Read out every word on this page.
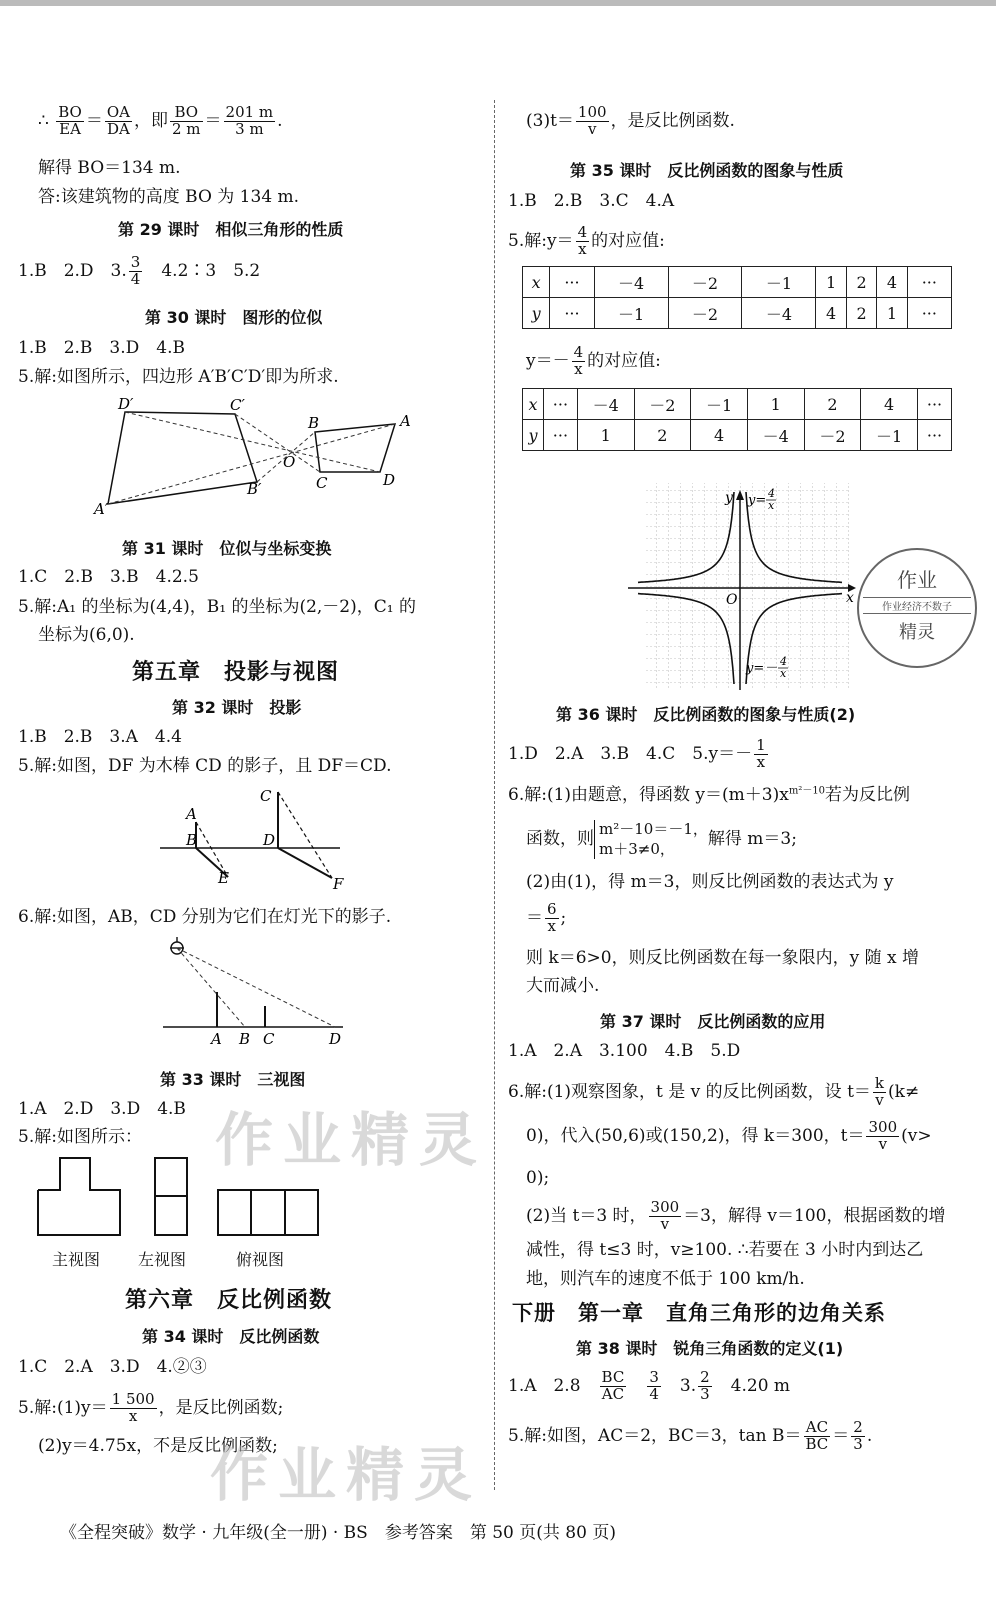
∴ $\frac{BO}{EA} = \frac{OA}{DA}$ ，即 $\frac{BO}{2 m} = \frac{201 m}{3 m}$ .
解得 BO＝134 m.
答:该建筑物的高度 BO 为 134 m.
第 29 课时　相似三角形的性质
1.B　2.D　3. $\frac{3}{4}$ 　4.2∶3　5.2
第 30 课时　图形的位似
1.B　2.B　3.D　4.B
5.解:如图所示，四边形 A′B′C′D′即为所求.
D′	C′
A′
B′
O
B	A
C	D
第 31 课时　位似与坐标变换
1.C　2.B　3.B　4.2.5
5.解:A₁ 的坐标为(4,4)，B₁ 的坐标为(2,－2)，C₁ 的
坐标为(6,0).
第五章　投影与视图
第 32 课时　投影
1.B　2.B　3.A　4.4
5.解:如图，DF 为木棒 CD 的影子，且 DF＝CD.
A
B
E
C
D
F
6.解:如图，AB，CD 分别为它们在灯光下的影子.
A B C	D
第 33 课时　三视图
1.A　2.D　3.D　4.B
5.解:如图所示：
主视图 左视图	俯视图
第六章　反比例函数
第 34 课时　反比例函数
1.C　2.A　3.D　4.②③
5.解:(1)y＝ $\frac{1 500}{x}$ ，是反比例函数;
(2)y＝4.75x，不是反比例函数;
作业精灵
作业精灵
$(3)t= \frac{100}{v}$ ，是反比例函数.
第 35 课时　反比例函数的图象与性质
1.B　2.B　3.C　4.A
5.解:y＝ $\frac{4}{x}$ 的对应值:
x	···	－4	－2	－1	1	2	4	···
y	···	－1	－2	－4	4	2	1	···
$y=- \frac{4}{x}$ 的对应值:
x	···	－4	－2	－1	1	2	4	···
y	···	1	2	4	－4	－2	－1	···
y
x
O
y= 4
x
y=－ 4
x
作业
作业经济不数子
精灵
第 36 课时　反比例函数的图象与性质(2)
1.D　2.A　3.B　4.C　$5.y=- \frac{1}{x}$
6.解:(1)由题意，得函数 $y=(m+3)x^{m^2-10}$若为反比例
函数，则 m²－10＝－1，
m＋3≠0，	解得 m＝3;
(2)由(1)，得 m＝3，则反比例函数的表达式为 y
＝ $\frac{6}{x}$ ;
则 k＝6>0，则反比例函数在每一象限内，y 随 x 增
大而减小.
第 37 课时　反比例函数的应用
1.A　2.A　3.100　4.B　5.D
6.解:(1)观察图象，t 是 v 的反比例函数，设 $t= \frac{k}{v} (k\ne$
0)，代入(50,6)或(150,2)，得 k＝300，$t= \frac{300}{v} (v>$
0);
(2)当 t＝3 时， $\frac{300}{v} =3$，解得 v＝100，根据函数的增
减性，得 t≤3 时，v≥100. ∴若要在 3 小时内到达乙
地，则汽车的速度不低于 100 km/h.
下册　第一章　直角三角形的边角关系
第 38 课时　锐角三角函数的定义(1)
1.A　2.8　 $\frac{BC}{AC}$
　 $\frac{3}{4}$ 　3. $\frac{2}{3}$ 　4.20 m
5.解:如图，AC＝2，BC＝3，$\tan B= \frac{AC}{BC} = \frac{2}{3}$ .
《全程突破》数学 · 九年级(全一册) · BS　参考答案　第 50 页(共 80 页)
